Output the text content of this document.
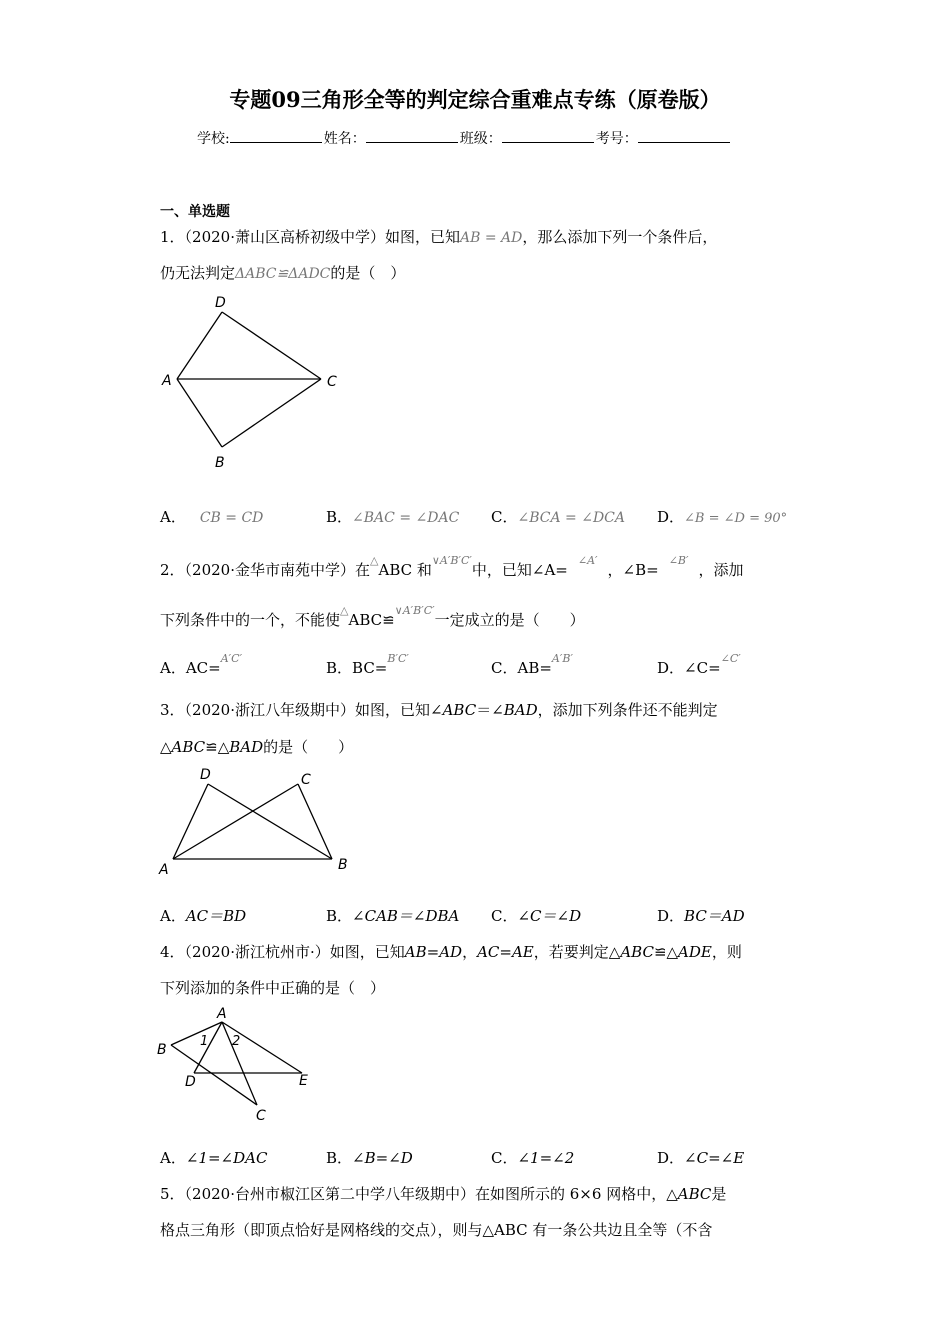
专题09三角形全等的判定综合重难点专练（原卷版）
学校:	姓名：	班级：	考号：
一、单选题
1．（2020·萧山区高桥初级中学）如图，已知AB = AD，那么添加下列一个条件后，
仍无法判定ΔABC≌ΔADC的是（　）
D
A	C
B
A． CB = CD	B．∠BAC = ∠DAC C．∠BCA = ∠DCA D．∠B = ∠D = 90°
2．（2020·金华市南苑中学）在△ABC 和$^{\vee A'B'C'}$中，已知∠A=$^{\angle A'}$，∠B=$^{\angle B'}$，添加
下列条件中的一个，不能使△ABC≌$^{\vee A'B'C'}$一定成立的是（　　）
A．AC=$^{A'C'}$
B．BC=$^{B'C'}$
C．AB=$^{A'B'}$
D．∠C=$^{\angle C'}$
3．（2020·浙江八年级期中）如图，已知∠ABC＝∠BAD，添加下列条件还不能判定
△ABC≌△BAD的是（　　）
D	C
A	B
A．AC＝BD	B．∠CAB＝∠DBA C．∠C＝∠D	D．BC＝AD
4．（2020·浙江杭州市·）如图，已知AB=AD，AC=AE，若要判定△ABC≌△ADE，则
下列添加的条件中正确的是（　）
A
B
D	E
C
1 2
A．∠1=∠DAC	B．∠B=∠D	C．∠1=∠2	D．∠C=∠E
5．（2020·台州市椒江区第二中学八年级期中）在如图所示的 6×6 网格中，△ABC是
格点三角形（即顶点恰好是网格线的交点），则与△ABC 有一条公共边且全等（不含
